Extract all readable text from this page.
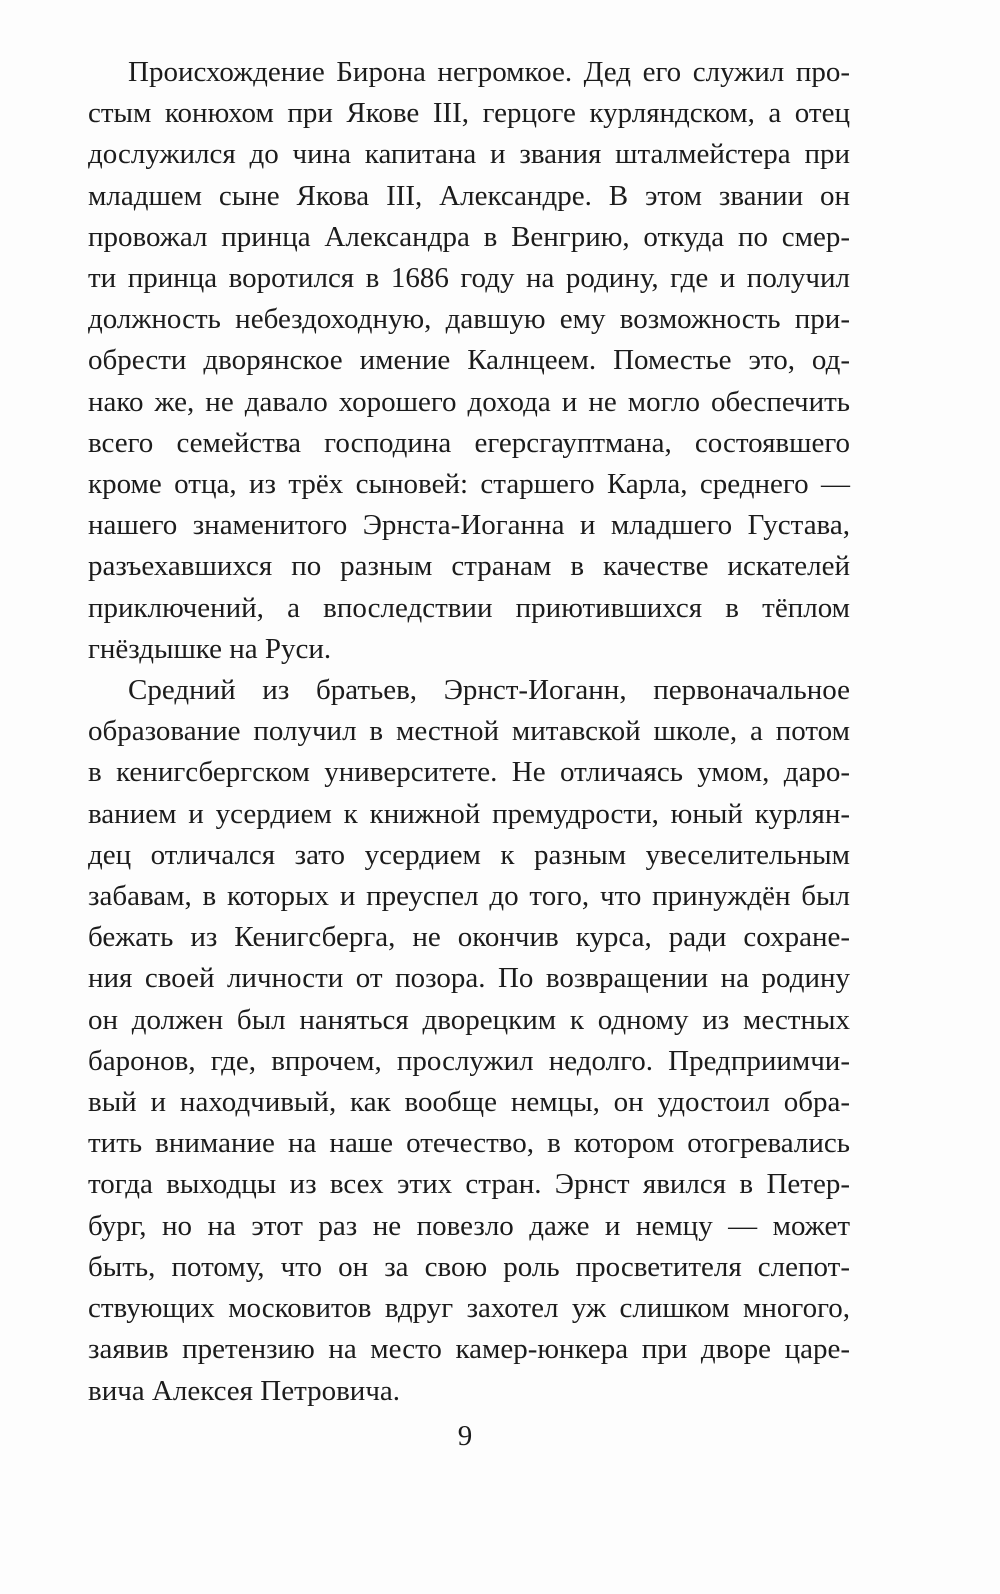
Происхождение Бирона негромкое. Дед его служил про-
стым конюхом при Якове III, герцоге курляндском, а отец
дослужился до чина капитана и звания шталмейстера при
младшем сыне Якова III, Александре. В этом звании он
провожал принца Александра в Венгрию, откуда по смер-
ти принца воротился в 1686 году на родину, где и получил
должность небездоходную, давшую ему возможность при-
обрести дворянское имение Калнцеем. Поместье это, од-
нако же, не давало хорошего дохода и не могло обеспечить
всего семейства господина егерсгауптмана, состоявшего
кроме отца, из трёх сыновей: старшего Карла, среднего —
нашего знаменитого Эрнста-Иоганна и младшего Густава,
разъехавшихся по разным странам в качестве искателей
приключений, а впоследствии приютившихся в тёплом
гнёздышке на Руси.
Средний из братьев, Эрнст-Иоганн, первоначальное
образование получил в местной митавской школе, а потом
в кенигсбергском университете. Не отличаясь умом, даро-
ванием и усердием к книжной премудрости, юный курлян-
дец отличался зато усердием к разным увеселительным
забавам, в которых и преуспел до того, что принуждён был
бежать из Кенигсберга, не окончив курса, ради сохране-
ния своей личности от позора. По возвращении на родину
он должен был наняться дворецким к одному из местных
баронов, где, впрочем, прослужил недолго. Предприимчи-
вый и находчивый, как вообще немцы, он удостоил обра-
тить внимание на наше отечество, в котором отогревались
тогда выходцы из всех этих стран. Эрнст явился в Петер-
бург, но на этот раз не повезло даже и немцу — может
быть, потому, что он за свою роль просветителя слепот-
ствующих московитов вдруг захотел уж слишком многого,
заявив претензию на место камер-юнкера при дворе царе-
вича Алексея Петровича.
9
